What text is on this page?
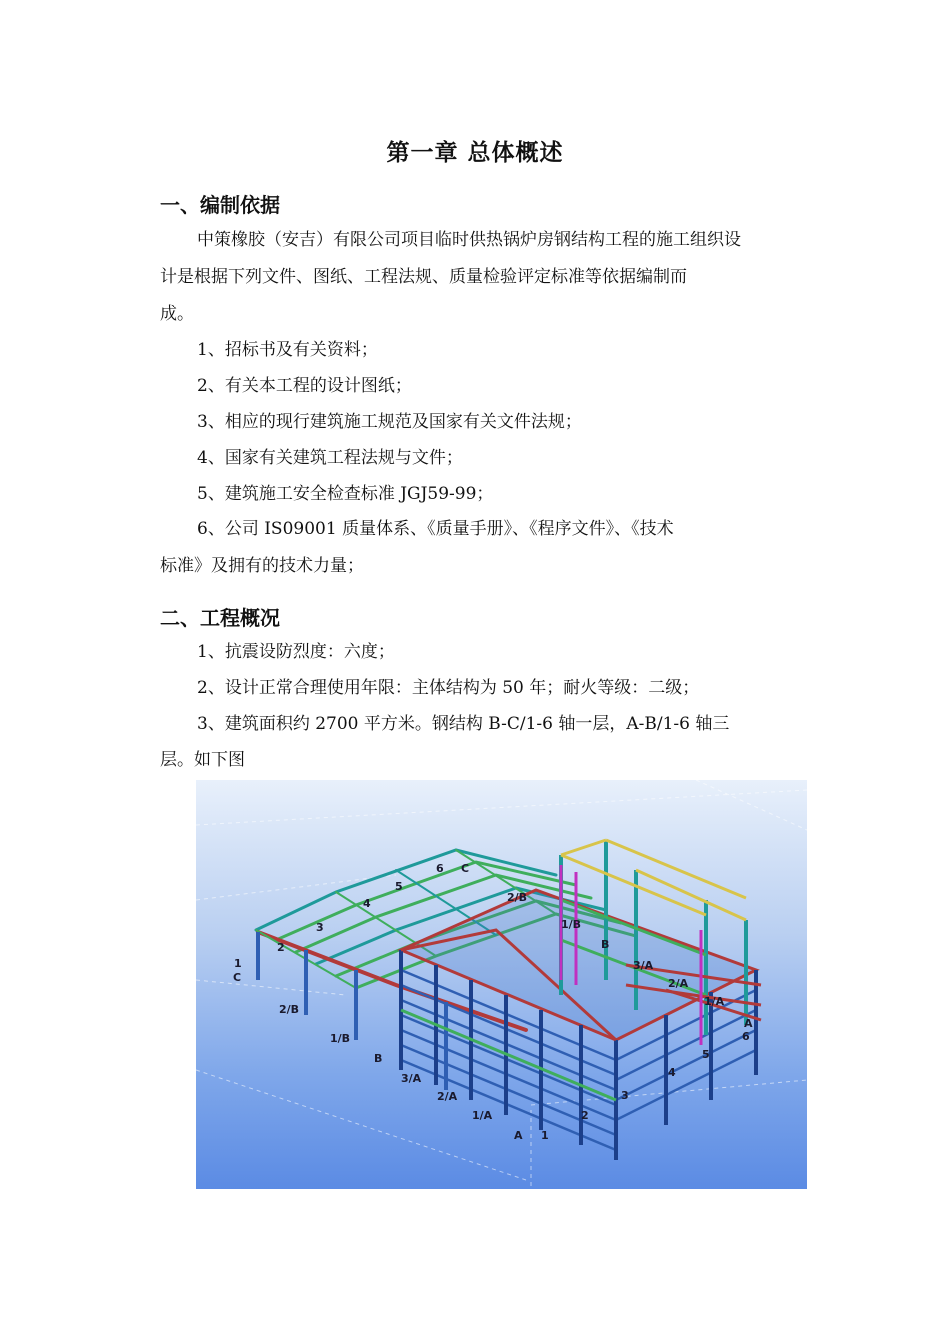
第一章 总体概述
一、编制依据
中策橡胶（安吉）有限公司项目临时供热锅炉房钢结构工程的施工组织设
计是根据下列文件、图纸、工程法规、质量检验评定标准等依据编制而
成。
1、招标书及有关资料；
2、有关本工程的设计图纸；
3、相应的现行建筑施工规范及国家有关文件法规；
4、国家有关建筑工程法规与文件；
5、建筑施工安全检查标准 JGJ59-99；
6、公司 IS09001 质量体系、《质量手册》、《程序文件》、《技术
标准》及拥有的技术力量；
二、工程概况
1、抗震设防烈度：六度；
2、设计正常合理使用年限：主体结构为 50 年；耐火等级：二级；
3、建筑面积约 2700 平方米。钢结构 B-C/1-6 轴一层，A-B/1-6 轴三
层。如下图
1
C
2/B
1/B
B
3/A
2/A
1/A
A 1
2
3
4
5
6
A
1/A
2/A
3/A
B
1/B
2/B
C
6
5
4
3
2
